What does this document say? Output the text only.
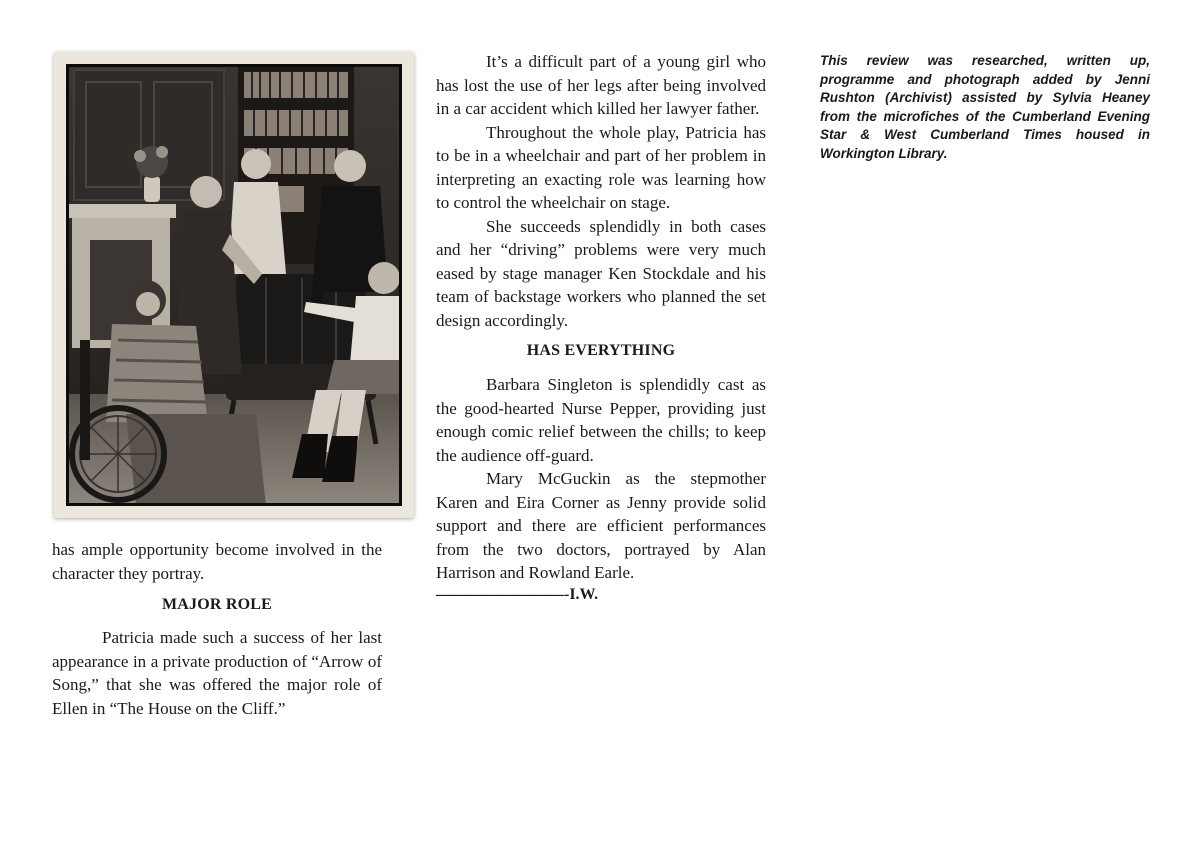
has ample opportunity become involved in the character they portray.

MAJOR ROLE

Patricia made such a success of her last appearance in a private production of “Arrow of Song,” that she was offered the major role of Ellen in “The House on the Cliff.”

It’s a difficult part of a young girl who has lost the use of her legs after being involved in a car accident which killed her lawyer father.

Throughout the whole play, Patricia has to be in a wheelchair and part of her problem in interpreting an exacting role was learning how to control the wheelchair on stage.

She succeeds splendidly in both cases and her “driving” problems were very much eased by stage manager Ken Stockdale and his team of backstage workers who planned the set design accordingly.

HAS EVERYTHING

Barbara Singleton is splendidly cast as the good-hearted Nurse Pepper, providing just enough comic relief between the chills; to keep the audience off-guard.

Mary McGuckin as the stepmother Karen and Eira Corner as Jenny provide solid support and there are efficient performances from the two doctors, portrayed by Alan Harrison and Rowland Earle.

————————-I.W.

This review was researched, written up, programme and photograph added by Jenni Rushton (Archivist) assisted by Sylvia Heaney from the microfiches of the Cumberland Evening Star & West Cumberland Times housed in Workington Library.
